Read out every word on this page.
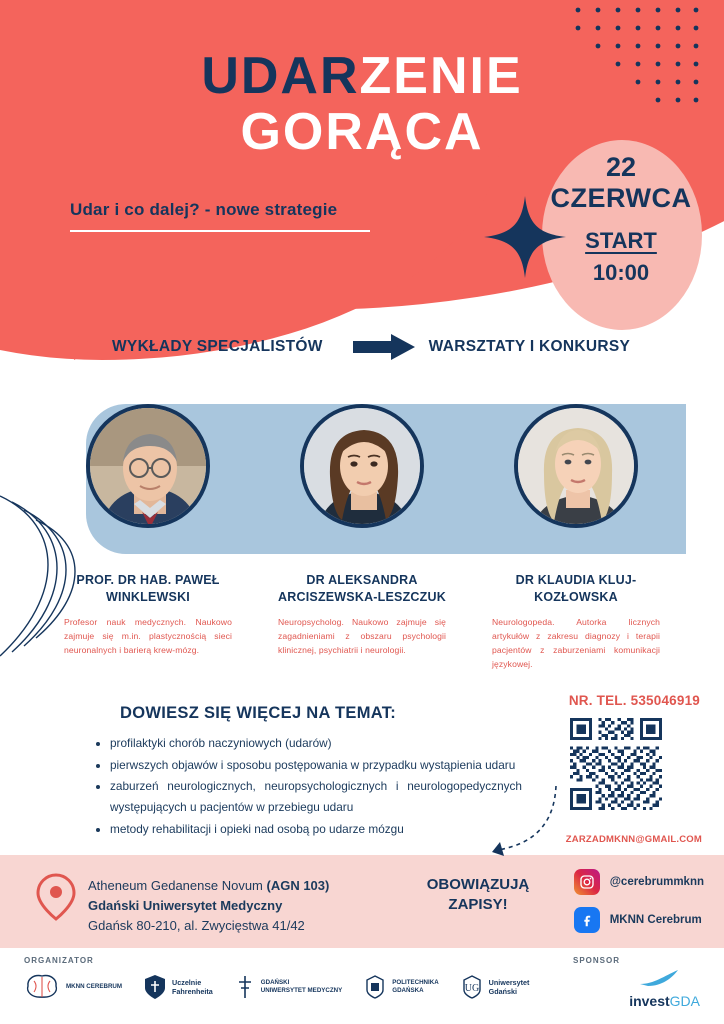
UDARZENIE
GORĄCA
Udar i co dalej? - nowe strategie
22
CZERWCA
START
10:00
WYKŁADY SPECJALISTÓW	WARSZTATY I KONKURSY
PROF. DR HAB. PAWEŁ WINKLEWSKI
Profesor nauk medycznych. Naukowo zajmuje się m.in. plastycznością sieci neuronalnych i barierą krew-mózg.
DR ALEKSANDRA ARCISZEWSKA-LESZCZUK
Neuropsycholog. Naukowo zajmuje się zagadnieniami z obszaru psychologii klinicznej, psychiatrii i neurologii.
DR KLAUDIA KLUJ-KOZŁOWSKA
Neurologopeda. Autorka licznych artykułów z zakresu diagnozy i terapii pacjentów z zaburzeniami komunikacji językowej.
DOWIESZ SIĘ WIĘCEJ NA TEMAT:
• profilaktyki chorób naczyniowych (udarów)
• pierwszych objawów i sposobu postępowania w przypadku wystąpienia udaru
• zaburzeń neurologicznych, neuropsychologicznych i neurologopedycznych występujących u pacjentów w przebiegu udaru
• metody rehabilitacji i opieki nad osobą po udarze mózgu
NR. TEL. 535046919
ZARZADMKNN@GMAIL.COM
Atheneum Gedanense Novum (AGN 103)
Gdański Uniwersytet Medyczny
Gdańsk 80-210, al. Zwycięstwa 41/42
OBOWIĄZUJĄ
ZAPISY!
@cerebrummknn
MKNN Cerebrum
ORGANIZATOR	SPONSOR
MKNN CEREBRUM	Uczelnie
Fahrenheita
GDAŃSKI
UNIWERSYTET MEDYCZNY
POLITECHNIKA
GDAŃSKA	UG
Uniwersytet
Gdański
investGDA
